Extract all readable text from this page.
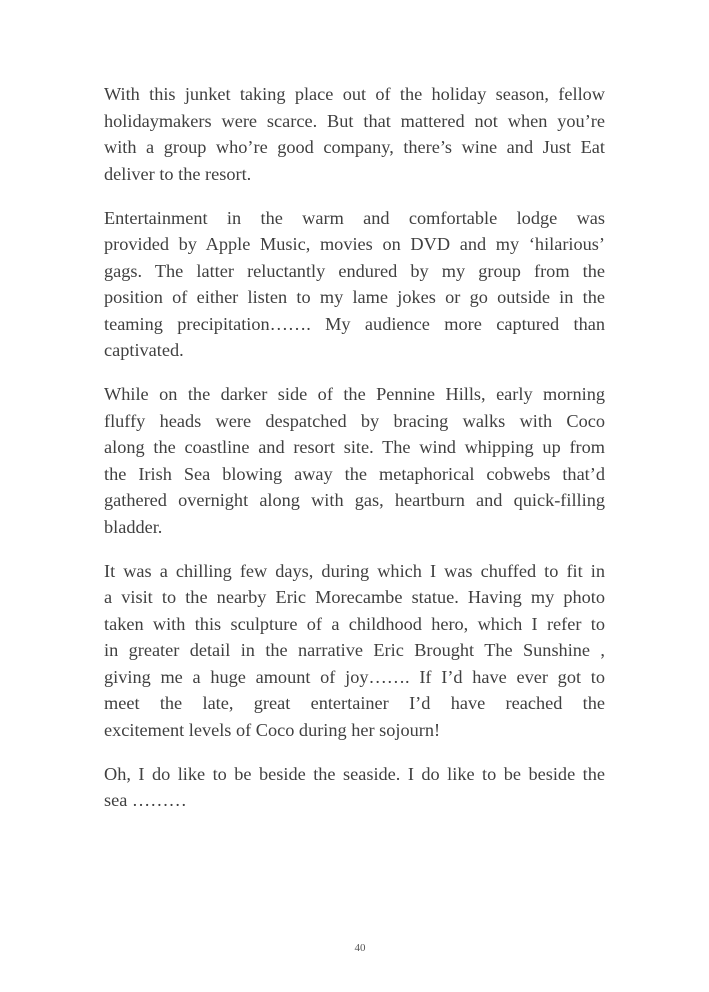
With this junket taking place out of the holiday season, fellow
holidaymakers were scarce. But that mattered not when you’re
with a group who’re good company, there’s wine and Just Eat
deliver to the resort.
Entertainment in the warm and comfortable lodge was
provided by Apple Music, movies on DVD and my ‘hilarious’
gags. The latter reluctantly endured by my group from the
position of either listen to my lame jokes or go outside in the
teaming precipitation……. My audience more captured than
captivated.
While on the darker side of the Pennine Hills, early morning
fluffy heads were despatched by bracing walks with Coco
along the coastline and resort site. The wind whipping up from
the Irish Sea blowing away the metaphorical cobwebs that’d
gathered overnight along with gas, heartburn and quick-filling
bladder.
It was a chilling few days, during which I was chuffed to fit in
a visit to the nearby Eric Morecambe statue. Having my photo
taken with this sculpture of a childhood hero, which I refer to
in greater detail in the narrative Eric Brought The Sunshine ,
giving me a huge amount of joy……. If I’d have ever got to
meet the late, great entertainer I’d have reached the
excitement levels of Coco during her sojourn!
Oh, I do like to be beside the seaside. I do like to be beside the
sea ………
40
